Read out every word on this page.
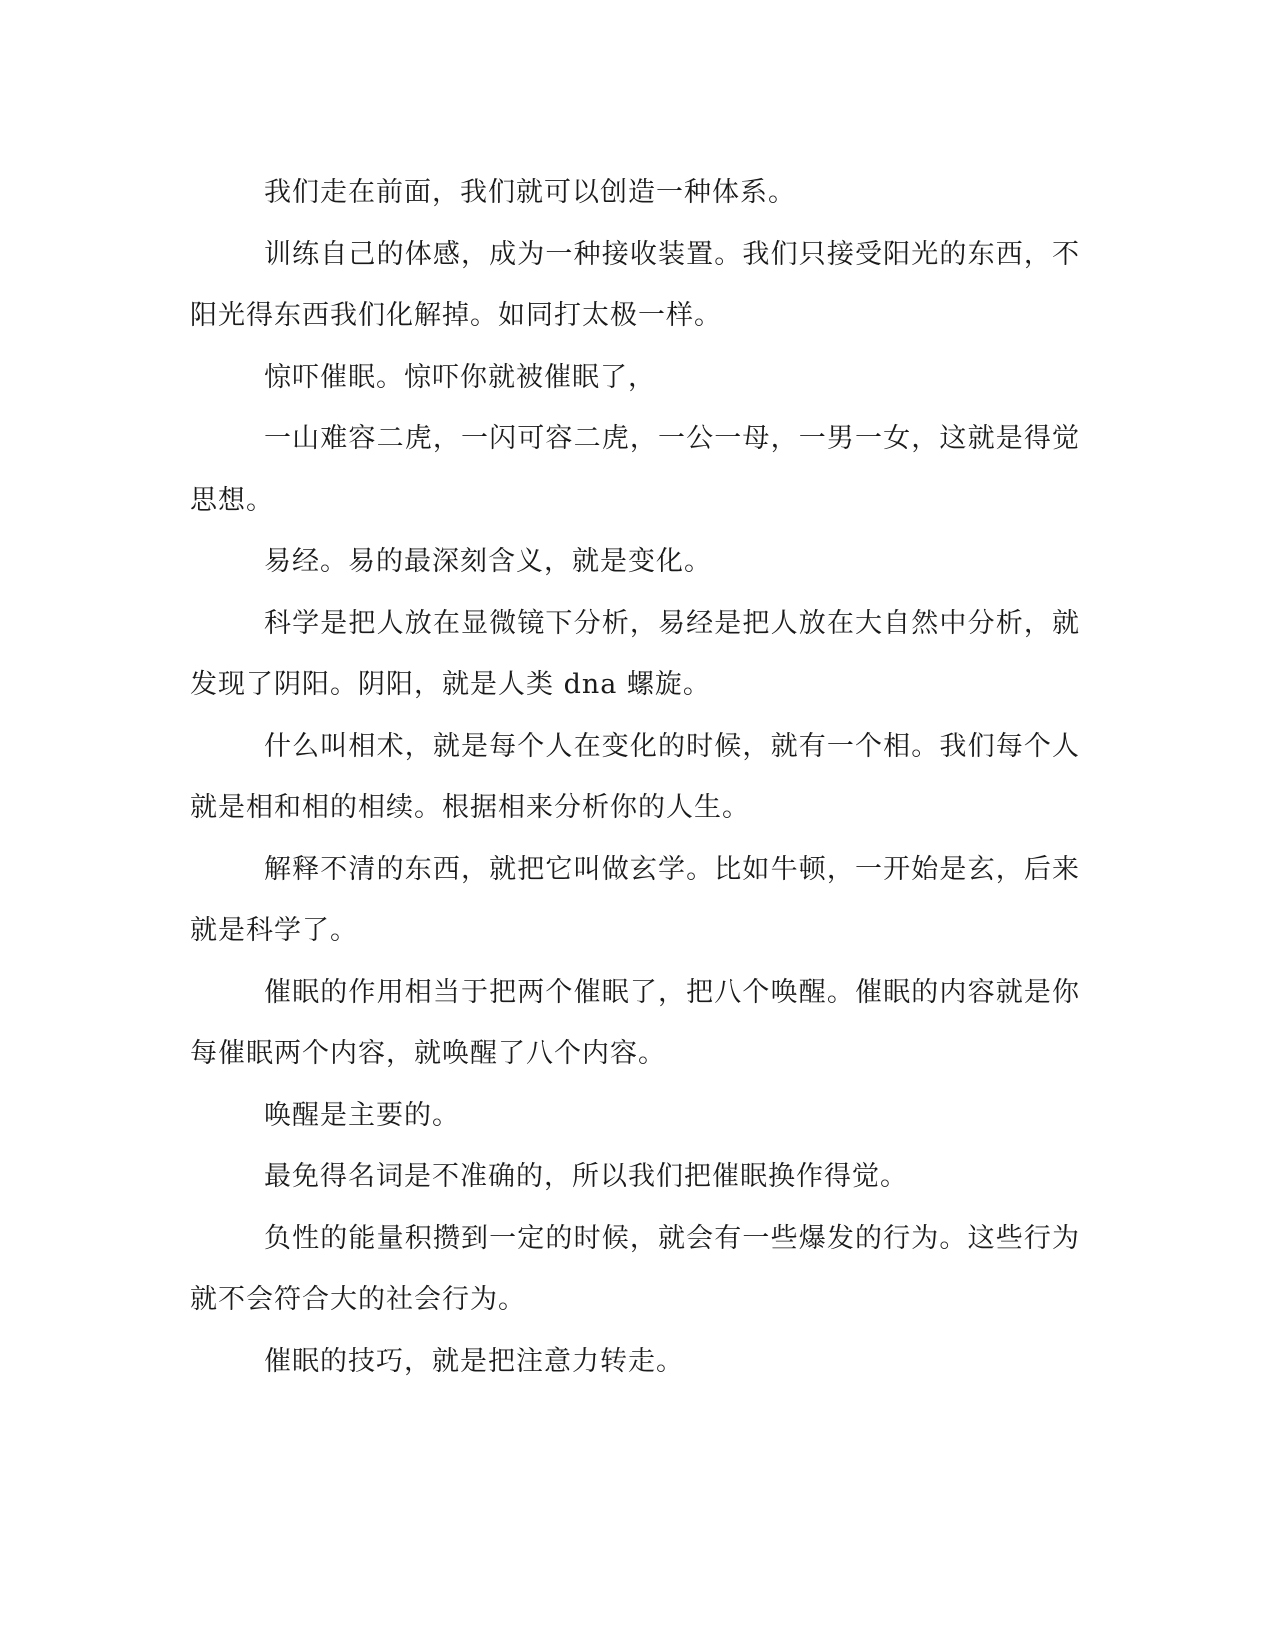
我们走在前面，我们就可以创造一种体系。

训练自己的体感，成为一种接收装置。我们只接受阳光的东西，不阳光得东西我们化解掉。如同打太极一样。

惊吓催眠。惊吓你就被催眠了，

一山难容二虎，一闪可容二虎，一公一母，一男一女，这就是得觉思想。

易经。易的最深刻含义，就是变化。

科学是把人放在显微镜下分析，易经是把人放在大自然中分析，就发现了阴阳。阴阳，就是人类 dna 螺旋。

什么叫相术，就是每个人在变化的时候，就有一个相。我们每个人就是相和相的相续。根据相来分析你的人生。

解释不清的东西，就把它叫做玄学。比如牛顿，一开始是玄，后来就是科学了。

催眠的作用相当于把两个催眠了，把八个唤醒。催眠的内容就是你每催眠两个内容，就唤醒了八个内容。

唤醒是主要的。

最免得名词是不准确的，所以我们把催眠换作得觉。

负性的能量积攒到一定的时候，就会有一些爆发的行为。这些行为就不会符合大的社会行为。

催眠的技巧，就是把注意力转走。
